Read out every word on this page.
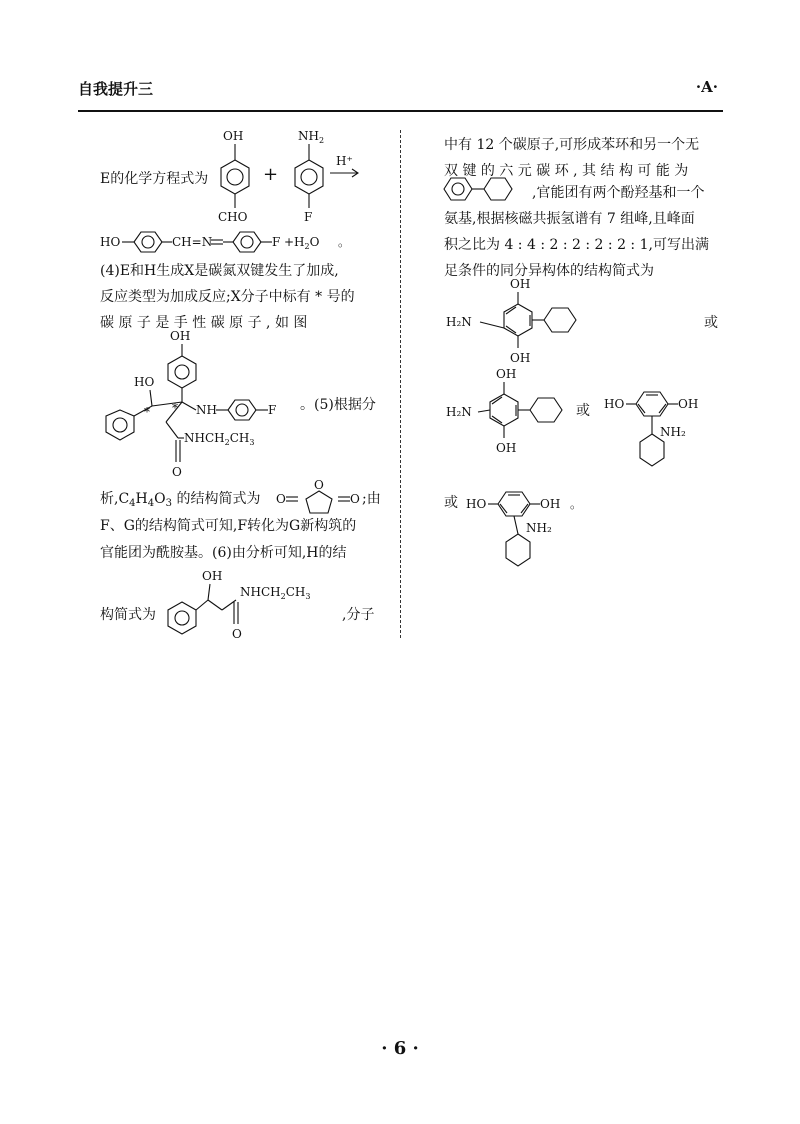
自我提升三	·A·
E的化学方程式为
OH
CHO
+
$NH_2$
F
H⁺
HO	CH=N	$F +H_2O$ 。
(4)E和H生成X是碳氮双键发生了加成,
反应类型为加成反应;X分子中标有 * 号的
碳 原 子 是 手 性 碳 原 子 , 如 图
OH
HO
* * NH	F
$NHCH_2CH_3$
O
。(5)根据分
析$,C_4H_4O_3$ 的结构简式为 O
O
O ;由
F、G的结构简式可知,F转化为G新构筑的
官能团为酰胺基。(6)由分析可知,H的结
构简式为
OH
$NHCH_2CH_3$
O
,分子
中有 12 个碳原子,可形成苯环和另一个无
双 键 的 六 元 碳 环 , 其 结 构 可 能 为
,官能团有两个酚羟基和一个
氨基,根据核磁共振氢谱有 7 组峰,且峰面
积之比为 4 : 4 : 2 : 2 : 2 : 2 : 1,可写出满
足条件的同分异构体的结构简式为
OH
H₂N
OH
或
OH
H₂N
OH
或 HO	OH
NH₂
或 HO	OH 。
NH₂
· 6 ·
